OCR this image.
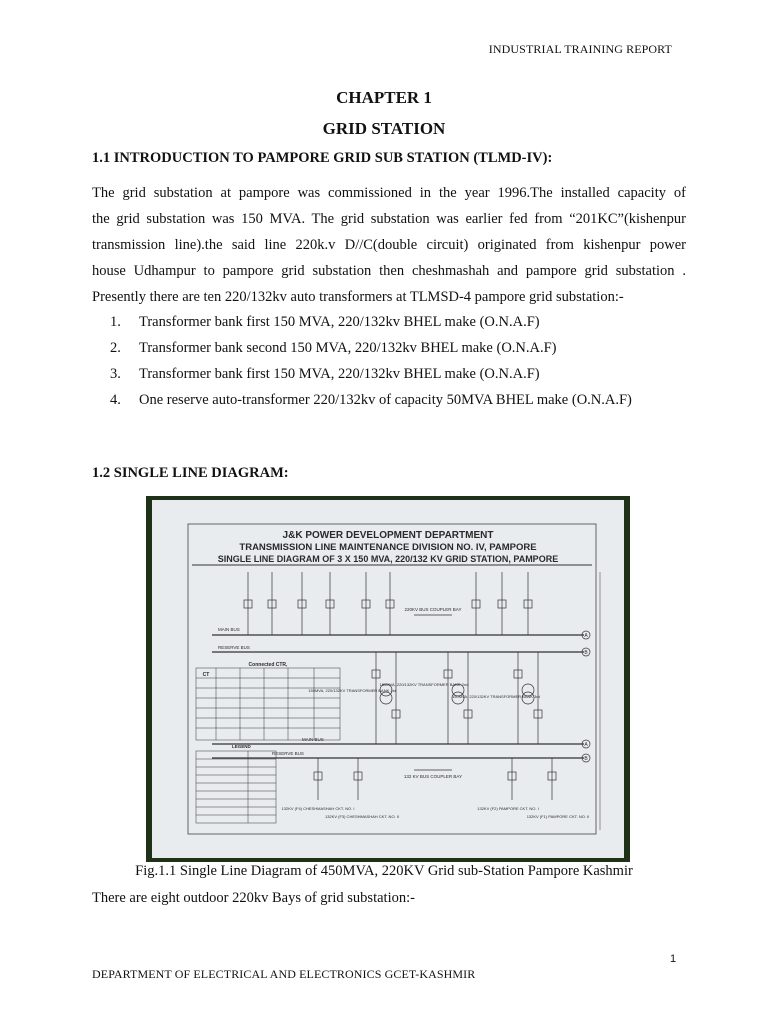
INDUSTRIAL TRAINING REPORT
CHAPTER 1
GRID STATION
1.1 INTRODUCTION TO PAMPORE GRID SUB STATION (TLMD-IV):
The grid substation at pampore was commissioned in the year 1996.The installed capacity of
the grid substation was 150 MVA. The grid substation was earlier fed from “201KC”(kishenpur
transmission line).the said line 220k.v D//C(double circuit) originated from kishenpur power
house Udhampur to pampore grid substation then cheshmashah and pampore grid substation .
Presently there are ten 220/132kv auto transformers at TLMSD-4 pampore grid substation:-
1.	Transformer bank first 150 MVA, 220/132kv BHEL make (O.N.A.F)
2.	Transformer bank second 150 MVA, 220/132kv BHEL make (O.N.A.F)
3.	Transformer bank first 150 MVA, 220/132kv BHEL make (O.N.A.F)
4.	One reserve auto-transformer 220/132kv of capacity 50MVA BHEL make (O.N.A.F)
1.2 SINGLE LINE DIAGRAM:
J&K POWER DEVELOPMENT DEPARTMENT
TRANSMISSION LINE MAINTENANCE DIVISION NO. IV, PAMPORE
SINGLE LINE DIAGRAM OF 3 X 150 MVA, 220/132 KV GRID STATION, PAMPORE
220KV BUS COUPLER BAY
MAIN BUS
RESERVE BUS
A
B
150MVA, 220/132KV TRANSFORMER BANK 1st
150MVA, 220/132KV TRANSFORMER BANK 2nd
150MVA, 220/132KV TRANSFORMER BANK 3rd
MAIN BUS
RESERVE BUS
A
B
132 KV BUS COUPLER BAY
132KV (F4) CHESHMASHAH CKT. NO. I
132KV (F3) CHESHMASHAH CKT. NO. II
132KV (F2) PAMPORE CKT. NO. I
132KV (F1) PAMPORE CKT. NO. II
Connected CTR,
CT
LEGEND
Fig.1.1 Single Line Diagram of 450MVA, 220KV Grid sub-Station Pampore Kashmir
There are eight outdoor 220kv Bays of grid substation:-
1
DEPARTMENT OF ELECTRICAL AND ELECTRONICS GCET-KASHMIR
